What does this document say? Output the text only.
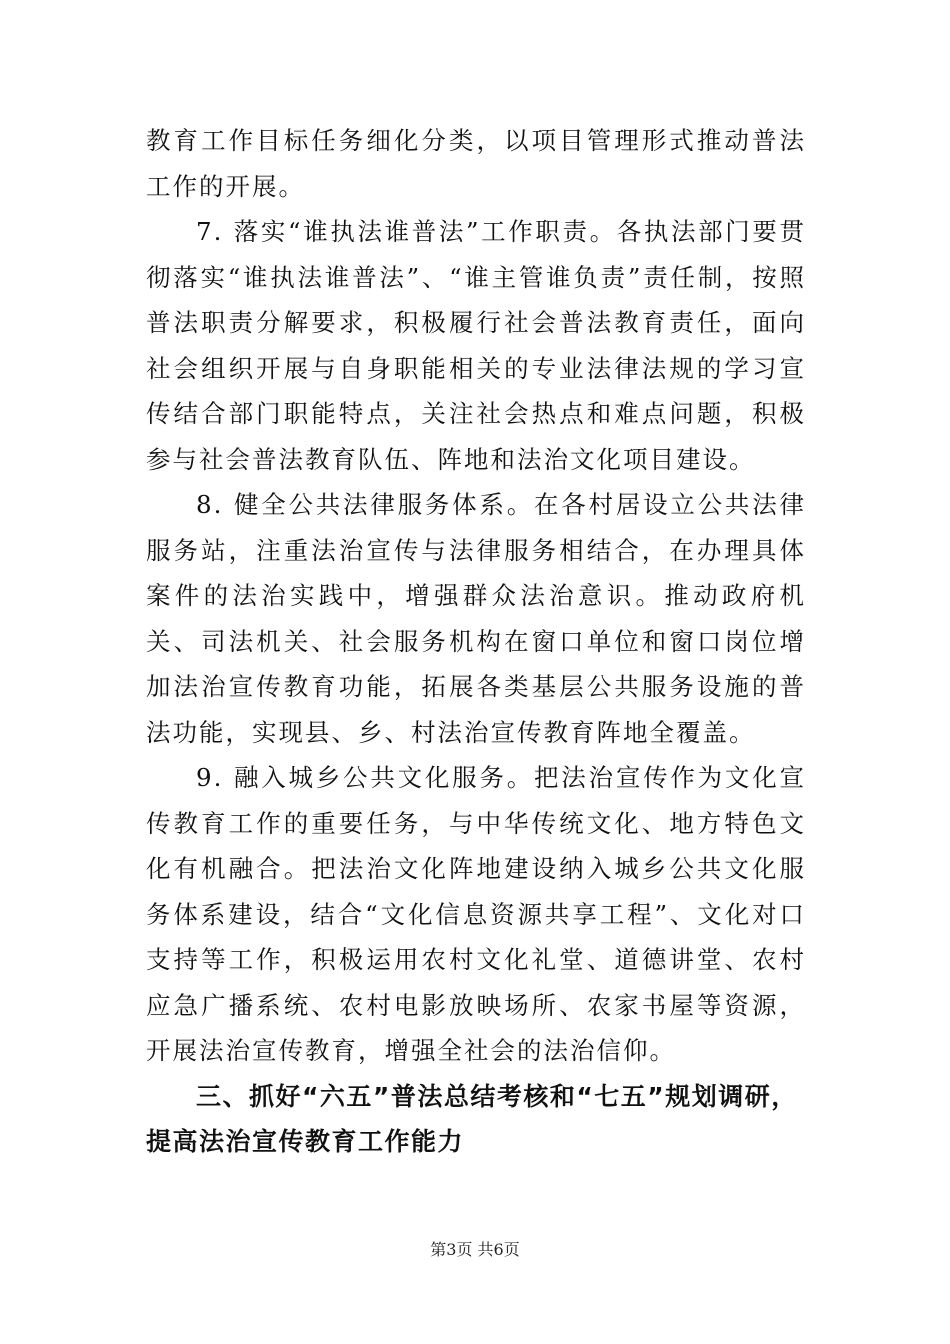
教育工作目标任务细化分类，以项目管理形式推动普法工作的开展。

7. 落实“谁执法谁普法”工作职责。各执法部门要贯彻落实“谁执法谁普法”、“谁主管谁负责”责任制，按照普法职责分解要求，积极履行社会普法教育责任，面向社会组织开展与自身职能相关的专业法律法规的学习宣传结合部门职能特点，关注社会热点和难点问题，积极参与社会普法教育队伍、阵地和法治文化项目建设。

8. 健全公共法律服务体系。在各村居设立公共法律服务站，注重法治宣传与法律服务相结合，在办理具体案件的法治实践中，增强群众法治意识。推动政府机关、司法机关、社会服务机构在窗口单位和窗口岗位增加法治宣传教育功能，拓展各类基层公共服务设施的普法功能，实现县、乡、村法治宣传教育阵地全覆盖。

9. 融入城乡公共文化服务。把法治宣传作为文化宣传教育工作的重要任务，与中华传统文化、地方特色文化有机融合。把法治文化阵地建设纳入城乡公共文化服务体系建设，结合“文化信息资源共享工程”、文化对口支持等工作，积极运用农村文化礼堂、道德讲堂、农村应急广播系统、农村电影放映场所、农家书屋等资源，开展法治宣传教育，增强全社会的法治信仰。

三、抓好“六五”普法总结考核和“七五”规划调研，提高法治宣传教育工作能力

第3页 共6页
